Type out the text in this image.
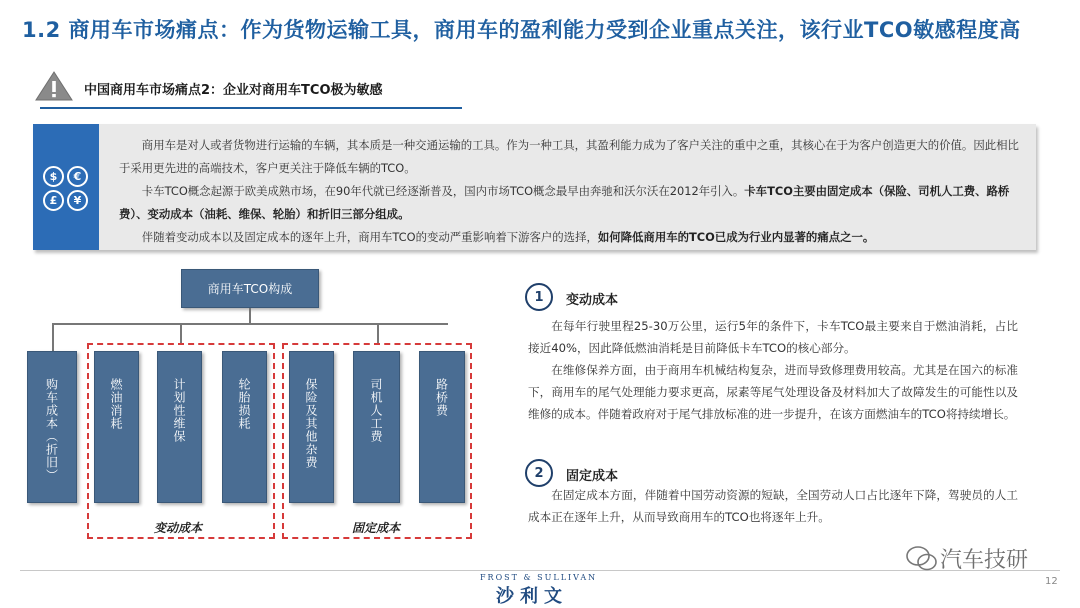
1.2 商用车市场痛点：作为货物运输工具，商用车的盈利能力受到企业重点关注，该行业TCO敏感程度高
中国商用车市场痛点2：企业对商用车TCO极为敏感
$	€
£	¥

商用车是对人或者货物进行运输的车辆，其本质是一种交通运输的工具。作为一种工具，其盈利能力成为了客户关注的重中之重，其核心在于为客户创造更大的价值。因此相比于采用更先进的高端技术，客户更关注于降低车辆的TCO。

卡车TCO概念起源于欧美成熟市场，在90年代就已经逐渐普及，国内市场TCO概念最早由奔驰和沃尔沃在2012年引入。卡车TCO主要由固定成本（保险、司机人工费、路桥费）、变动成本（油耗、维保、轮胎）和折旧三部分组成。

伴随着变动成本以及固定成本的逐年上升，商用车TCO的变动严重影响着下游客户的选择，如何降低商用车的TCO已成为行业内显著的痛点之一。

商用车TCO构成
购车成本（折旧）	燃油消耗	计划性维保	轮胎损耗
变动成本
保险及其他杂费	司机人工费	路桥费
固定成本
1	变动成本

在每年行驶里程25-30万公里，运行5年的条件下，卡车TCO最主要来自于燃油消耗，占比接近40%，因此降低燃油消耗是目前降低卡车TCO的核心部分。

在维修保养方面，由于商用车机械结构复杂，进而导致修理费用较高。尤其是在国六的标准下，商用车的尾气处理能力要求更高，尿素等尾气处理设备及材料加大了故障发生的可能性以及维修的成本。伴随着政府对于尾气排放标准的进一步提升，在该方面燃油车的TCO将持续增长。

2	固定成本

在固定成本方面，伴随着中国劳动资源的短缺，全国劳动人口占比逐年下降，驾驶员的人工成本正在逐年上升，从而导致商用车的TCO也将逐年上升。

FROST & SULLIVAN
沙利文
12
汽车技研
